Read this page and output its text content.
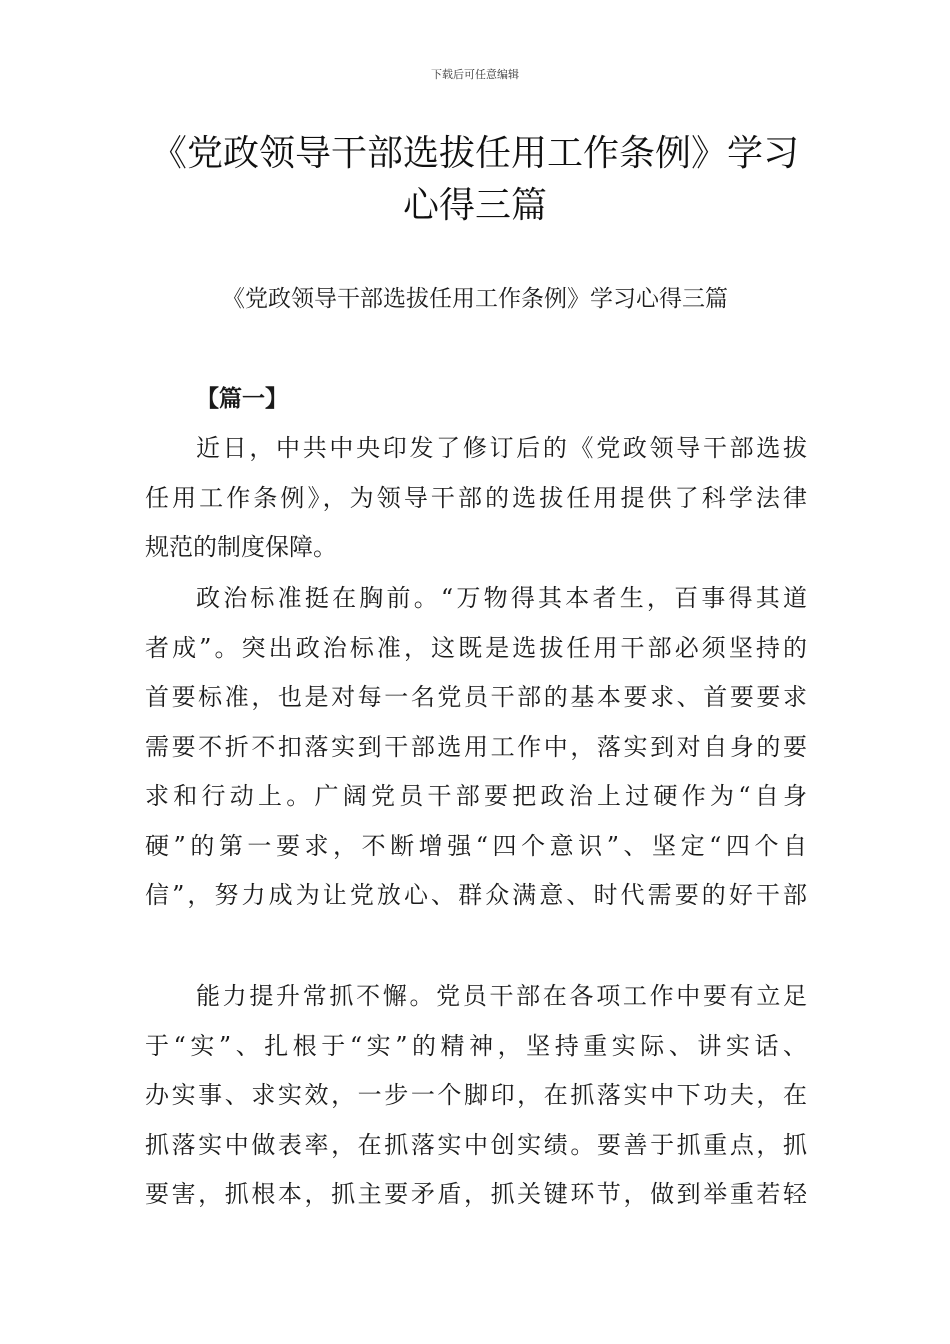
下载后可任意编辑
《党政领导干部选拔任用工作条例》学习
心得三篇
《党政领导干部选拔任用工作条例》学习心得三篇
【篇一】
近日，中共中央印发了修订后的《党政领导干部选拔
任用工作条例》，为领导干部的选拔任用提供了科学法律
规范的制度保障。
政治标准挺在胸前。“万物得其本者生，百事得其道
者成”。突出政治标准，这既是选拔任用干部必须坚持的
首要标准，也是对每一名党员干部的基本要求、首要要求
需要不折不扣落实到干部选用工作中，落实到对自身的要
求和行动上。广阔党员干部要把政治上过硬作为“自身
硬”的第一要求，不断增强“四个意识”、坚定“四个自
信”，努力成为让党放心、群众满意、时代需要的好干部
能力提升常抓不懈。党员干部在各项工作中要有立足
于“实”、扎根于“实”的精神，坚持重实际、讲实话、
办实事、求实效，一步一个脚印，在抓落实中下功夫，在
抓落实中做表率，在抓落实中创实绩。要善于抓重点，抓
要害，抓根本，抓主要矛盾，抓关键环节，做到举重若轻
